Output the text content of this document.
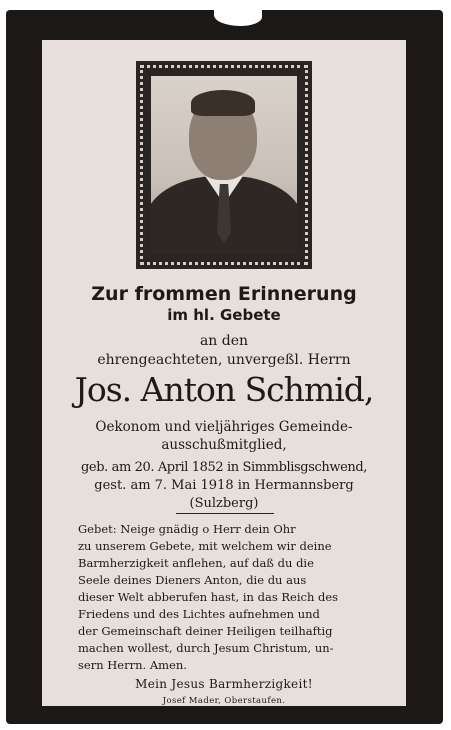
Zur frommen Erinnerung
im hl. Gebete
an den
ehrengeachteten, unvergeßl. Herrn
Jos. Anton Schmid,
Oekonom und vieljähriges Gemeinde-
ausschußmitglied,
geb. am 20. April 1852 in Simmblisgschwend,
gest. am 7. Mai 1918 in Hermannsberg
(Sulzberg)
Gebet: Neige gnädig o Herr dein Ohr
zu unserem Gebete, mit welchem wir deine
Barmherzigkeit anflehen, auf daß du die
Seele deines Dieners Anton, die du aus
dieser Welt abberufen hast, in das Reich des
Friedens und des Lichtes aufnehmen und
der Gemeinschaft deiner Heiligen teilhaftig
machen wollest, durch Jesum Christum, un-
sern Herrn. Amen.
Mein Jesus Barmherzigkeit!
Josef Mader, Oberstaufen.
